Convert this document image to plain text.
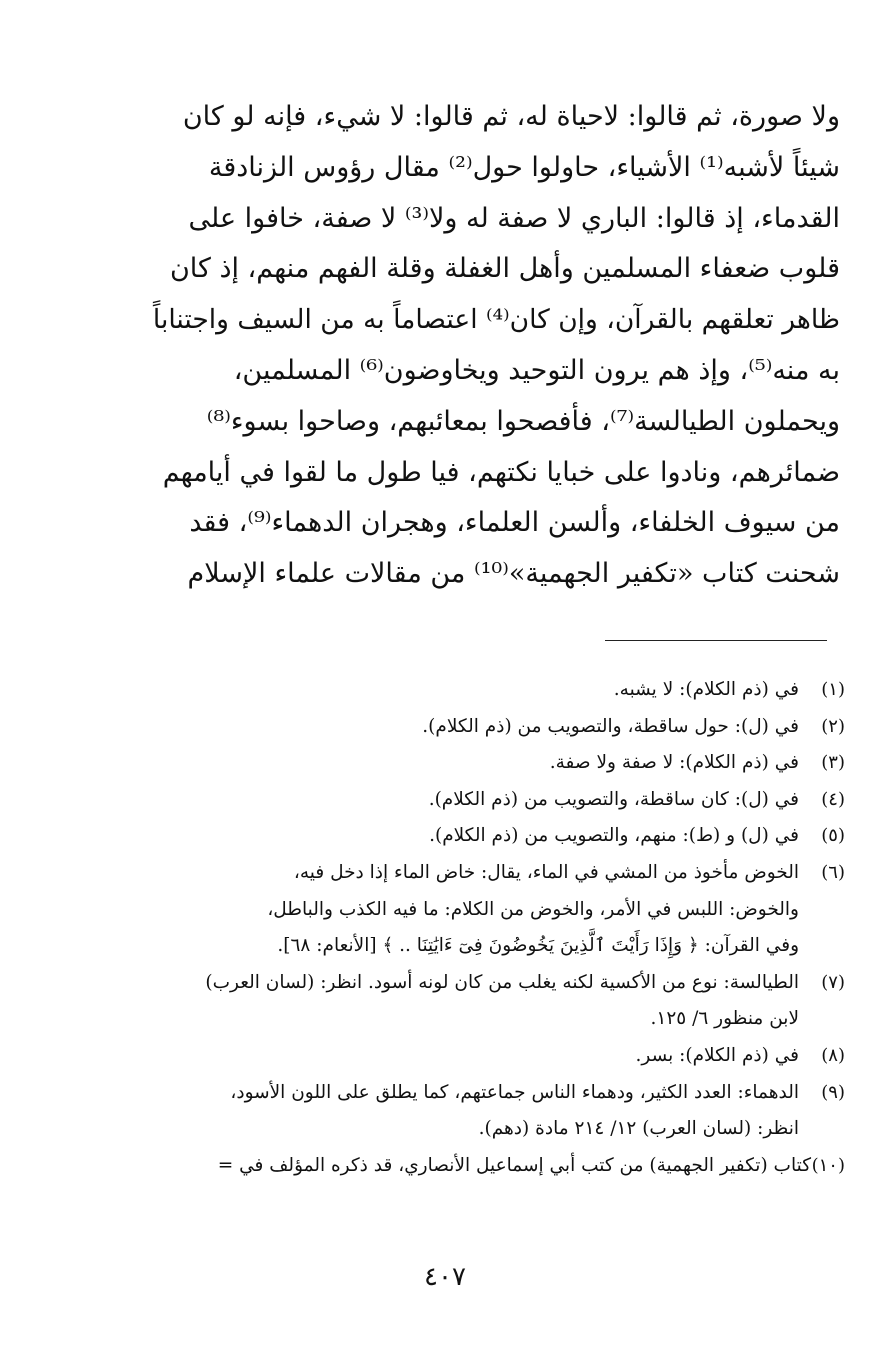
ولا صورة، ثم قالوا: لاحياة له، ثم قالوا: لا شيء، فإنه لو كان
شيئاً لأشبه⁽¹⁾ الأشياء، حاولوا حول⁽²⁾ مقال رؤوس الزنادقة
القدماء، إذ قالوا: الباري لا صفة له ولا⁽³⁾ لا صفة، خافوا على
قلوب ضعفاء المسلمين وأهل الغفلة وقلة الفهم منهم، إذ كان
ظاهر تعلقهم بالقرآن، وإن كان⁽⁴⁾ اعتصاماً به من السيف واجتناباً
به منه⁽⁵⁾، وإذ هم يرون التوحيد ويخاوضون⁽⁶⁾ المسلمين،
ويحملون الطيالسة⁽⁷⁾، فأفصحوا بمعائبهم، وصاحوا بسوء⁽⁸⁾
ضمائرهم، ونادوا على خبايا نكتهم، فيا طول ما لقوا في أيامهم
من سيوف الخلفاء، وألسن العلماء، وهجران الدهماء⁽⁹⁾، فقد
شحنت كتاب «تكفير الجهمية»⁽¹⁰⁾ من مقالات علماء الإسلام
(١)
في (ذم الكلام): لا يشبه.
(٢)
في (ل): حول ساقطة، والتصويب من (ذم الكلام).
(٣)
في (ذم الكلام): لا صفة ولا صفة.
(٤)
في (ل): كان ساقطة، والتصويب من (ذم الكلام).
(٥)
في (ل) و (ط): منهم، والتصويب من (ذم الكلام).
(٦)
الخوض مأخوذ من المشي في الماء، يقال: خاض الماء إذا دخل فيه،
والخوض: اللبس في الأمر، والخوض من الكلام: ما فيه الكذب والباطل،
وفي القرآن: ﴿ وَإِذَا رَأَيْتَ ٱلَّذِينَ يَخُوضُونَ فِىٓ ءَايَٰتِنَا .. ﴾ [الأنعام: ٦٨].
(٧)
الطيالسة: نوع من الأكسية لكنه يغلب من كان لونه أسود. انظر: (لسان العرب)
لابن منظور ٦/ ١٢٥.
(٨)
في (ذم الكلام): بسر.
(٩)
الدهماء: العدد الكثير، ودهماء الناس جماعتهم، كما يطلق على اللون الأسود،
انظر: (لسان العرب) ١٢/ ٢١٤ مادة (دهم).
(١٠)
كتاب (تكفير الجهمية) من كتب أبي إسماعيل الأنصاري، قد ذكره المؤلف في =
٤٠٧
